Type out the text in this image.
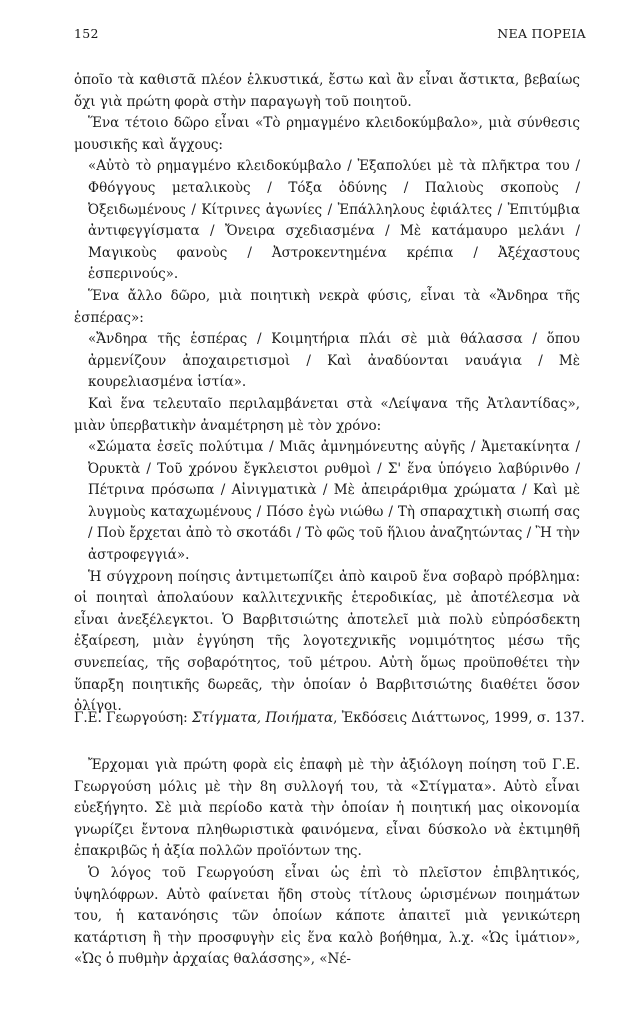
152	ΝΕΑ ΠΟΡΕΙΑ

ὁποῖο τὰ καθιστᾶ πλέον ἑλκυστικά, ἔστω καὶ ἂν εἶναι ἄστικτα, βεβαίως ὄχι γιὰ πρώτη φορὰ στὴν παραγωγὴ τοῦ ποιητοῦ.

Ἕνα τέτοιο δῶρο εἶναι «Τὸ ρημαγμένο κλειδοκύμβαλο», μιὰ σύνθεσις μουσικῆς καὶ ἄγχους:

«Αὐτὸ τὸ ρημαγμένο κλειδοκύμβαλο / Ἐξαπολύει μὲ τὰ πλῆκτρα του / Φθόγγους μεταλικοὺς / Τόξα ὀδύνης / Παλιοὺς σκοποὺς / Ὀξειδωμένους / Κίτρινες ἀγωνίες / Ἐπάλληλους ἐφιάλτες / Ἐπιτύμβια ἀντιφεγγίσματα / Ὄνειρα σχεδιασμένα / Μὲ κατάμαυρο μελάνι / Μαγικοὺς φανοὺς / Ἀστροκεντημένα κρέπια / Ἀξέχαστους ἑσπερινούς».

Ἕνα ἄλλο δῶρο, μιὰ ποιητικὴ νεκρὰ φύσις, εἶναι τὰ «Ἄνδηρα τῆς ἑσπέρας»:

«Ἄνδηρα τῆς ἑσπέρας / Κοιμητήρια πλάι σὲ μιὰ θάλασσα / ὅπου ἀρμενίζουν ἀποχαιρετισμοὶ / Καὶ ἀναδύονται ναυάγια / Μὲ κουρελιασμένα ἱστία».

Καὶ ἕνα τελευταῖο περιλαμβάνεται στὰ «Λείψανα τῆς Ἀτλαντίδας», μιὰν ὑπερβατικὴν ἀναμέτρηση μὲ τὸν χρόνο:

«Σώματα ἐσεῖς πολύτιμα / Μιᾶς ἀμνημόνευτης αὐγῆς / Ἀμετακίνητα / Ὀρυκτὰ / Τοῦ χρόνου ἔγκλειστοι ρυθμοὶ / Σ' ἕνα ὑπόγειο λαβύρινθο / Πέτρινα πρόσωπα / Αἰνιγματικὰ / Μὲ ἀπειράριθμα χρώματα / Καὶ μὲ λυγμοὺς καταχωμένους / Πόσο ἐγὼ νιώθω / Τὴ σπαραχτικὴ σιωπή σας / Ποὺ ἔρχεται ἀπὸ τὸ σκοτάδι / Τὸ φῶς τοῦ ἥλιου ἀναζητώντας / Ἢ τὴν ἀστροφεγγιά».

Ἡ σύγχρονη ποίησις ἀντιμετωπίζει ἀπὸ καιροῦ ἕνα σοβαρὸ πρόβλημα: οἱ ποιηταὶ ἀπολαύουν καλλιτεχνικῆς ἑτεροδικίας, μὲ ἀποτέλεσμα νὰ εἶναι ἀνεξέλεγκτοι. Ὁ Βαρβιτσιώτης ἀποτελεῖ μιὰ πολὺ εὐπρόσδεκτη ἐξαίρεση, μιὰν ἐγγύηση τῆς λογοτεχνικῆς νομιμότητος μέσω τῆς συνεπείας, τῆς σοβαρότητος, τοῦ μέτρου. Αὐτὴ ὅμως προϋποθέτει τὴν ὕπαρξη ποιητικῆς δωρεᾶς, τὴν ὁποίαν ὁ Βαρβιτσιώτης διαθέτει ὅσον ὀλίγοι.

Γ.Ε. Γεωργούση: Στίγματα, Ποιήματα, Ἐκδόσεις Διάττωνος, 1999, σ. 137.

Ἔρχομαι γιὰ πρώτη φορὰ εἰς ἐπαφὴ μὲ τὴν ἀξιόλογη ποίηση τοῦ Γ.Ε. Γεωργούση μόλις μὲ τὴν 8η συλλογή του, τὰ «Στίγματα». Αὐτὸ εἶναι εὐεξήγητο. Σὲ μιὰ περίοδο κατὰ τὴν ὁποίαν ἡ ποιητική μας οἰκονομία γνωρίζει ἔντονα πληθωριστικὰ φαινόμενα, εἶναι δύσκολο νὰ ἐκτιμηθῆ ἐπακριβῶς ἡ ἀξία πολλῶν προϊόντων της.

Ὁ λόγος τοῦ Γεωργούση εἶναι ὡς ἐπὶ τὸ πλεῖστον ἐπιβλητικός, ὑψηλόφρων. Αὐτὸ φαίνεται ἤδη στοὺς τίτλους ὡρισμένων ποιημάτων του, ἡ κατανόησις τῶν ὁποίων κάποτε ἀπαιτεῖ μιὰ γενικώτερη κατάρτιση ἢ τὴν προσφυγὴν εἰς ἕνα καλὸ βοήθημα, λ.χ. «Ὡς ἱμάτιον», «Ὡς ὁ πυθμὴν ἀρχαίας θαλάσσης», «Νέ-
